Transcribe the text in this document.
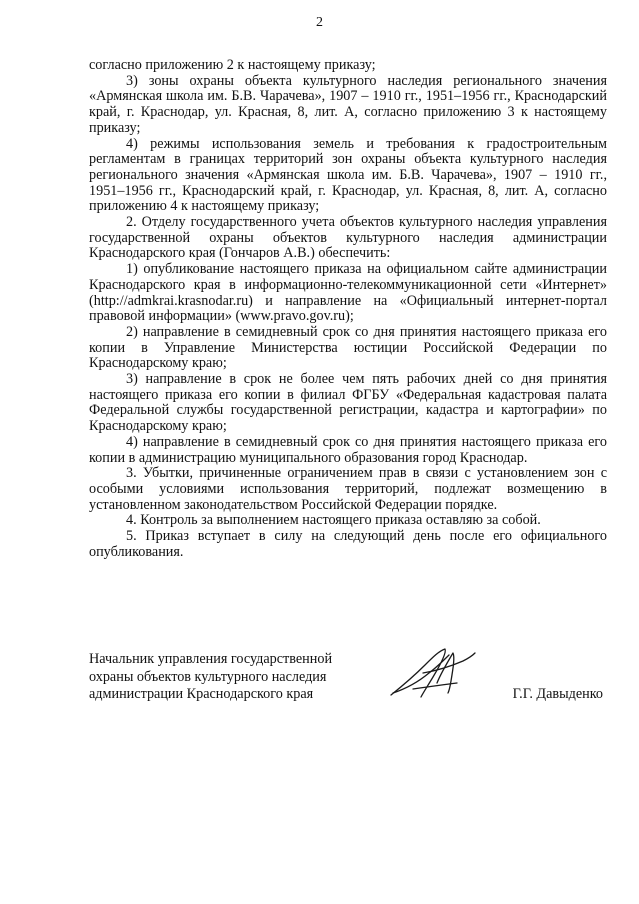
2

согласно приложению 2 к настоящему приказу;

3) зоны охраны объекта культурного наследия регионального значения «Армянская школа им. Б.В. Чарачева», 1907 – 1910 гг., 1951–1956 гг., Краснодарский край, г. Краснодар, ул. Красная, 8, лит. А, согласно приложению 3 к настоящему приказу;

4) режимы использования земель и требования к градостроительным регламентам в границах территорий зон охраны объекта культурного наследия регионального значения «Армянская школа им. Б.В. Чарачева», 1907 – 1910 гг., 1951–1956 гг., Краснодарский край, г. Краснодар, ул. Красная, 8, лит. А, согласно приложению 4 к настоящему приказу;

2. Отделу государственного учета объектов культурного наследия управления государственной охраны объектов культурного наследия администрации Краснодарского края (Гончаров А.В.) обеспечить:

1) опубликование настоящего приказа на официальном сайте администрации Краснодарского края в информационно-телекоммуникационной сети «Интернет» (http://admkrai.krasnodar.ru) и направление на «Официальный интернет-портал правовой информации» (www.pravo.gov.ru);

2) направление в семидневный срок со дня принятия настоящего приказа его копии в Управление Министерства юстиции Российской Федерации по Краснодарскому краю;

3) направление в срок не более чем пять рабочих дней со дня принятия настоящего приказа его копии в филиал ФГБУ «Федеральная кадастровая палата Федеральной службы государственной регистрации, кадастра и картографии» по Краснодарскому краю;

4) направление в семидневный срок со дня принятия настоящего приказа его копии в администрацию муниципального образования город Краснодар.

3. Убытки, причиненные ограничением прав в связи с установлением зон с особыми условиями использования территорий, подлежат возмещению в установленном законодательством Российской Федерации порядке.

4. Контроль за выполнением настоящего приказа оставляю за собой.

5. Приказ вступает в силу на следующий день после его официального опубликования.

Начальник управления государственной
охраны объектов культурного наследия
администрации Краснодарского края	Г.Г. Давыденко
